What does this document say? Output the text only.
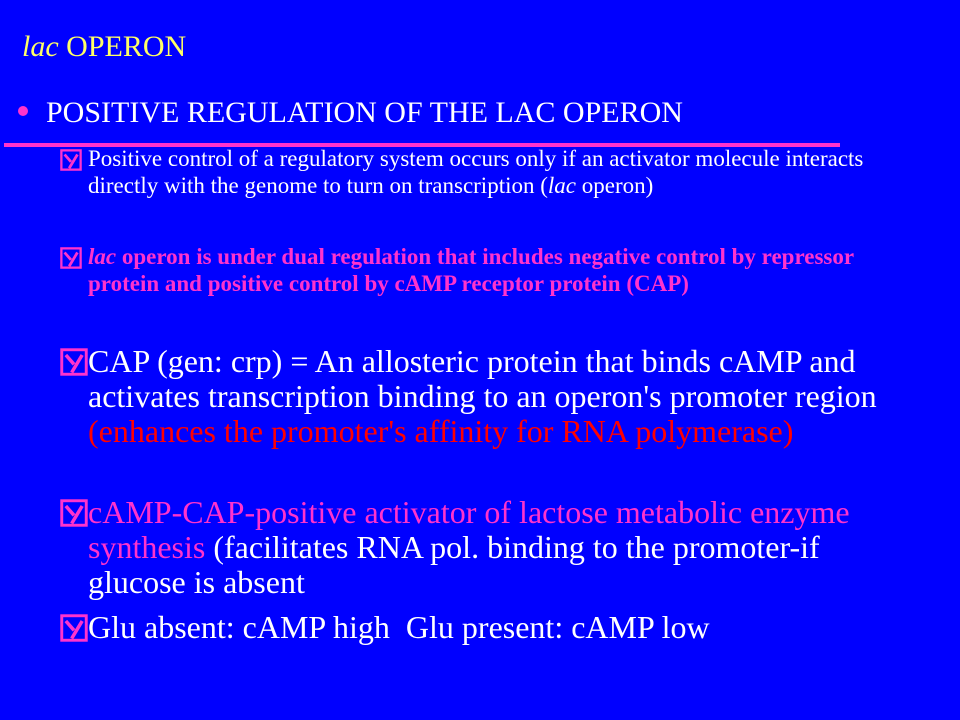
lac OPERON
POSITIVE REGULATION OF THE LAC OPERON
Positive control of a regulatory system occurs only if an activator molecule interacts directly with the genome to turn on transcription (lac operon)
lac operon is under dual regulation that includes negative control by repressor protein and positive control by cAMP receptor protein (CAP)
CAP (gen: crp) = An allosteric protein that binds cAMP and activates transcription binding to an operon's promoter region (enhances the promoter's affinity for RNA polymerase)
cAMP-CAP-positive activator of lactose metabolic enzyme synthesis (facilitates RNA pol. binding to the promoter-if glucose is absent
Glu absent: cAMP high Glu present: cAMP low
